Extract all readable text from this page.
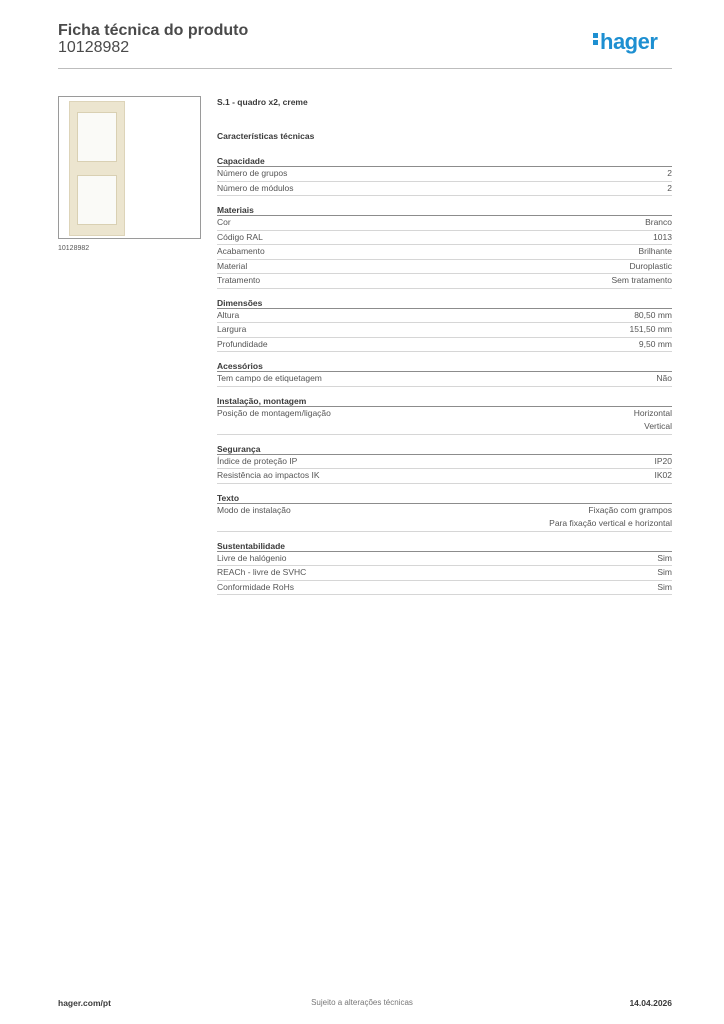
Ficha técnica do produto
10128982	hager
10128982
S.1 - quadro x2, creme
Características técnicas
Capacidade
Número de grupos	2
Número de módulos	2
Materiais
Cor	Branco
Código RAL	1013
Acabamento	Brilhante
Material	Duroplastic
Tratamento	Sem tratamento
Dimensões
Altura	80,50 mm
Largura	151,50 mm
Profundidade	9,50 mm
Acessórios
Tem campo de etiquetagem	Não
Instalação, montagem
Posição de montagem/ligação	Horizontal
Vertical
Segurança
Índice de proteção IP	IP20
Resistência ao impactos IK	IK02
Texto
Modo de instalação	Fixação com grampos
Para fixação vertical e horizontal
Sustentabilidade
Livre de halógenio	Sim
REACh - livre de SVHC	Sim
Conformidade RoHs	Sim
hager.com/pt	Sujeito a alterações técnicas	14.04.2026
